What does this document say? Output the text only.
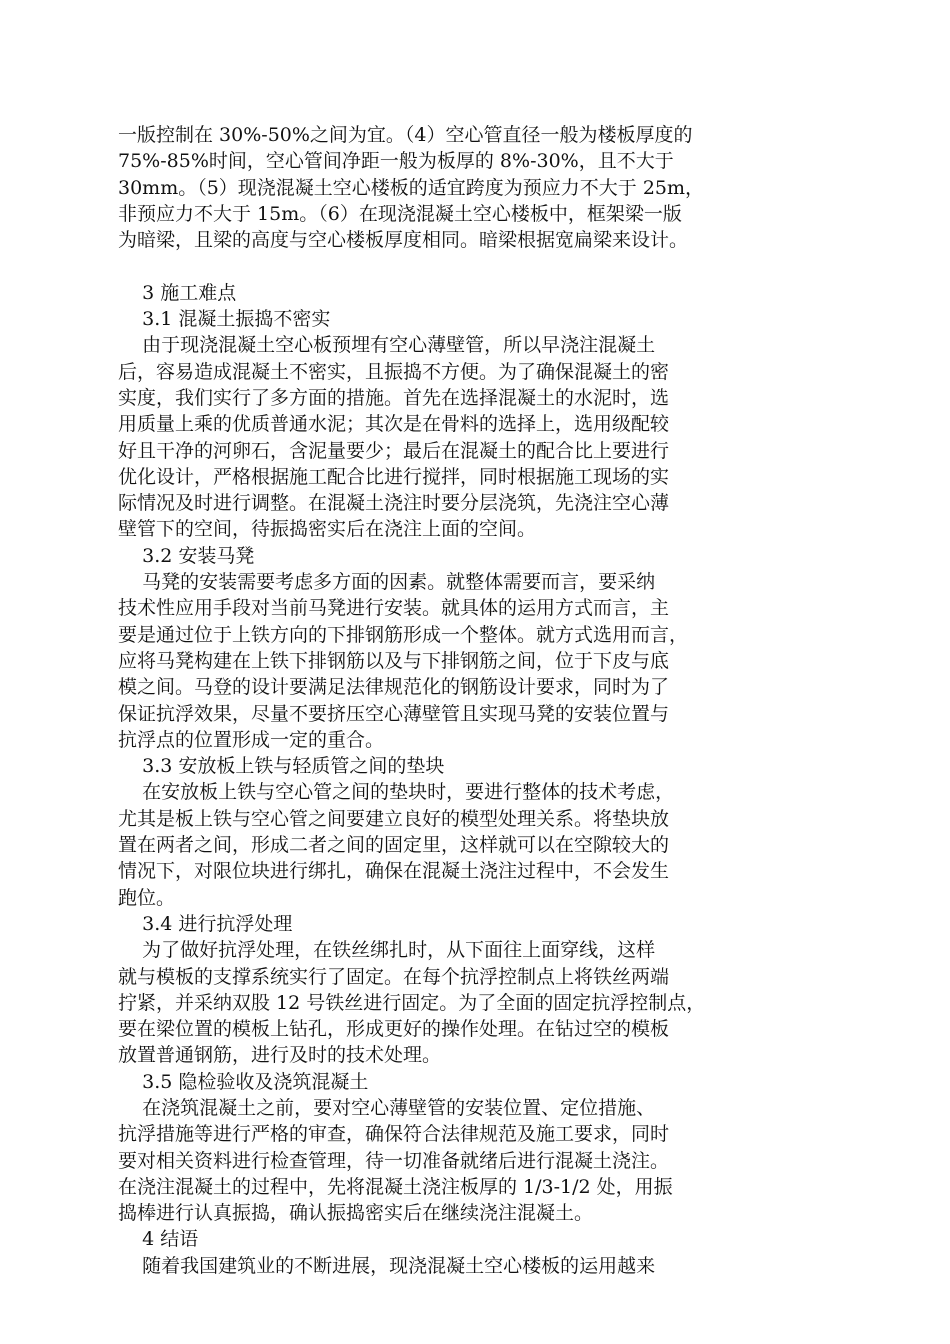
一版控制在 30%-50%之间为宜。（4）空心管直径一般为楼板厚度的
75%-85%时间，空心管间净距一般为板厚的 8%-30%，且不大于
30mm。（5）现浇混凝土空心楼板的适宜跨度为预应力不大于 25m，
非预应力不大于 15m。（6）在现浇混凝土空心楼板中，框架梁一版
为暗梁，且梁的高度与空心楼板厚度相同。暗梁根据宽扁梁来设计。
3 施工难点
3.1 混凝土振捣不密实
由于现浇混凝土空心板预埋有空心薄壁管，所以早浇注混凝土
后，容易造成混凝土不密实，且振捣不方便。为了确保混凝土的密
实度，我们实行了多方面的措施。首先在选择混凝土的水泥时，选
用质量上乘的优质普通水泥；其次是在骨料的选择上，选用级配较
好且干净的河卵石，含泥量要少；最后在混凝土的配合比上要进行
优化设计，严格根据施工配合比进行搅拌，同时根据施工现场的实
际情况及时进行调整。在混凝土浇注时要分层浇筑，先浇注空心薄
壁管下的空间，待振捣密实后在浇注上面的空间。
3.2 安装马凳
马凳的安装需要考虑多方面的因素。就整体需要而言，要采纳
技术性应用手段对当前马凳进行安装。就具体的运用方式而言，主
要是通过位于上铁方向的下排钢筋形成一个整体。就方式选用而言，
应将马凳构建在上铁下排钢筋以及与下排钢筋之间，位于下皮与底
模之间。马登的设计要满足法律规范化的钢筋设计要求，同时为了
保证抗浮效果，尽量不要挤压空心薄壁管且实现马凳的安装位置与
抗浮点的位置形成一定的重合。
3.3 安放板上铁与轻质管之间的垫块
在安放板上铁与空心管之间的垫块时，要进行整体的技术考虑，
尤其是板上铁与空心管之间要建立良好的模型处理关系。将垫块放
置在两者之间，形成二者之间的固定里，这样就可以在空隙较大的
情况下，对限位块进行绑扎，确保在混凝土浇注过程中，不会发生
跑位。
3.4 进行抗浮处理
为了做好抗浮处理，在铁丝绑扎时，从下面往上面穿线，这样
就与模板的支撑系统实行了固定。在每个抗浮控制点上将铁丝两端
拧紧，并采纳双股 12 号铁丝进行固定。为了全面的固定抗浮控制点，
要在梁位置的模板上钻孔，形成更好的操作处理。在钻过空的模板
放置普通钢筋，进行及时的技术处理。
3.5 隐检验收及浇筑混凝土
在浇筑混凝土之前，要对空心薄壁管的安装位置、定位措施、
抗浮措施等进行严格的审查，确保符合法律规范及施工要求，同时
要对相关资料进行检查管理，待一切准备就绪后进行混凝土浇注。
在浇注混凝土的过程中，先将混凝土浇注板厚的 1/3-1/2 处，用振
捣棒进行认真振捣，确认振捣密实后在继续浇注混凝土。
4 结语
随着我国建筑业的不断进展，现浇混凝土空心楼板的运用越来
